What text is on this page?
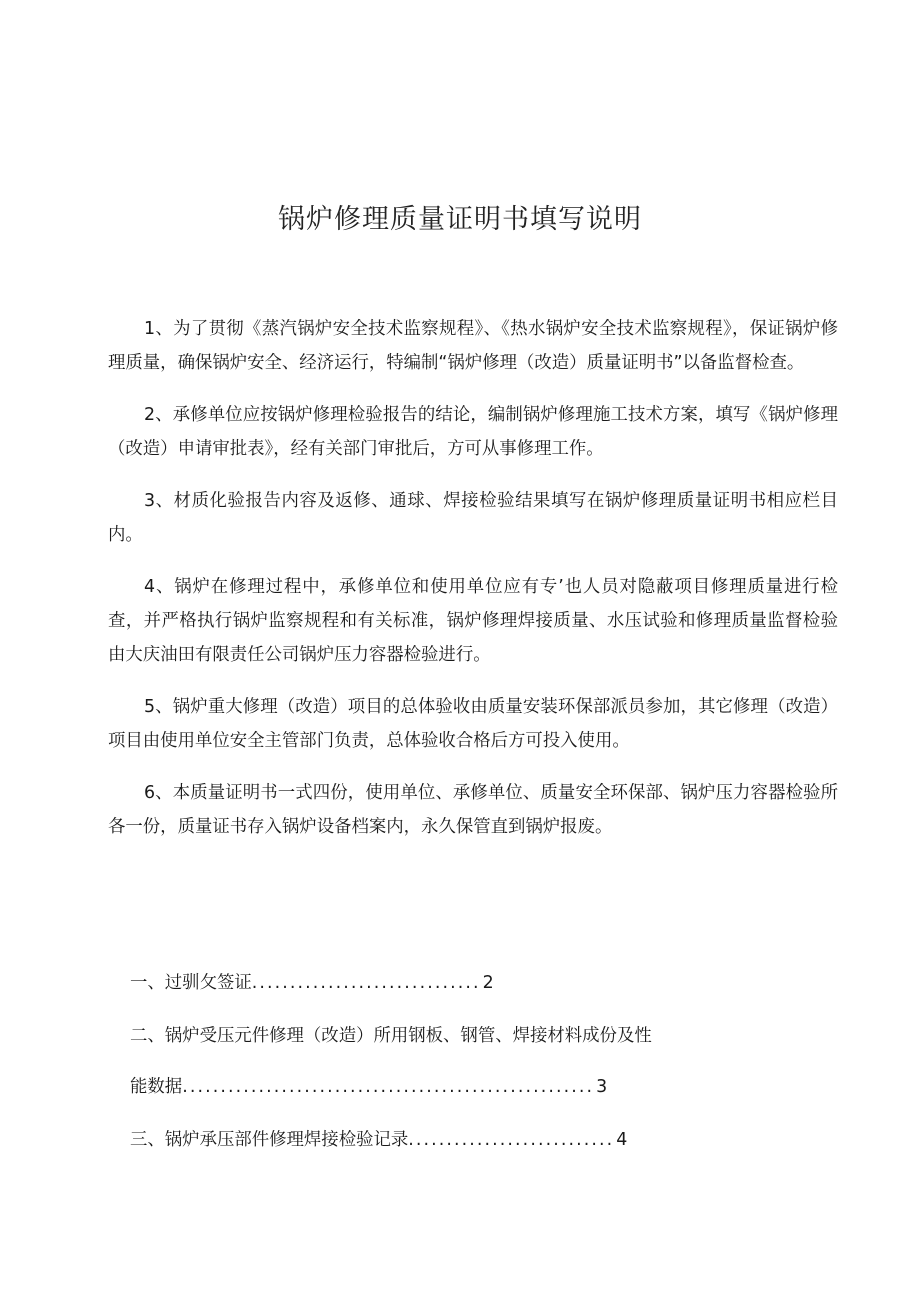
锅炉修理质量证明书填写说明

1、为了贯彻《蒸汽锅炉安全技术监察规程》、《热水锅炉安全技术监察规程》，保证锅炉修理质量，确保锅炉安全、经济运行，特编制“锅炉修理（改造）质量证明书”以备监督检查。

2、承修单位应按锅炉修理检验报告的结论，编制锅炉修理施工技术方案，填写《锅炉修理（改造）申请审批表》，经有关部门审批后，方可从事修理工作。

3、材质化验报告内容及返修、通球、焊接检验结果填写在锅炉修理质量证明书相应栏目内。

4、锅炉在修理过程中，承修单位和使用单位应有专’也人员对隐蔽项目修理质量进行检查，并严格执行锅炉监察规程和有关标准，锅炉修理焊接质量、水压试验和修理质量监督检验由大庆油田有限责任公司锅炉压力容器检验进行。

5、锅炉重大修理（改造）项目的总体验收由质量安装环保部派员参加，其它修理（改造）项目由使用单位安全主管部门负责，总体验收合格后方可投入使用。

6、本质量证明书一式四份，使用单位、承修单位、质量安全环保部、锅炉压力容器检验所各一份，质量证书存入锅炉设备档案内，永久保管直到锅炉报废。

一、过驯攵签证.............................. 2
二、锅炉受压元件修理（改造）所用钢板、钢管、焊接材料成份及性
能数据...................................................... 3
三、锅炉承压部件修理焊接检验记录........................... 4
